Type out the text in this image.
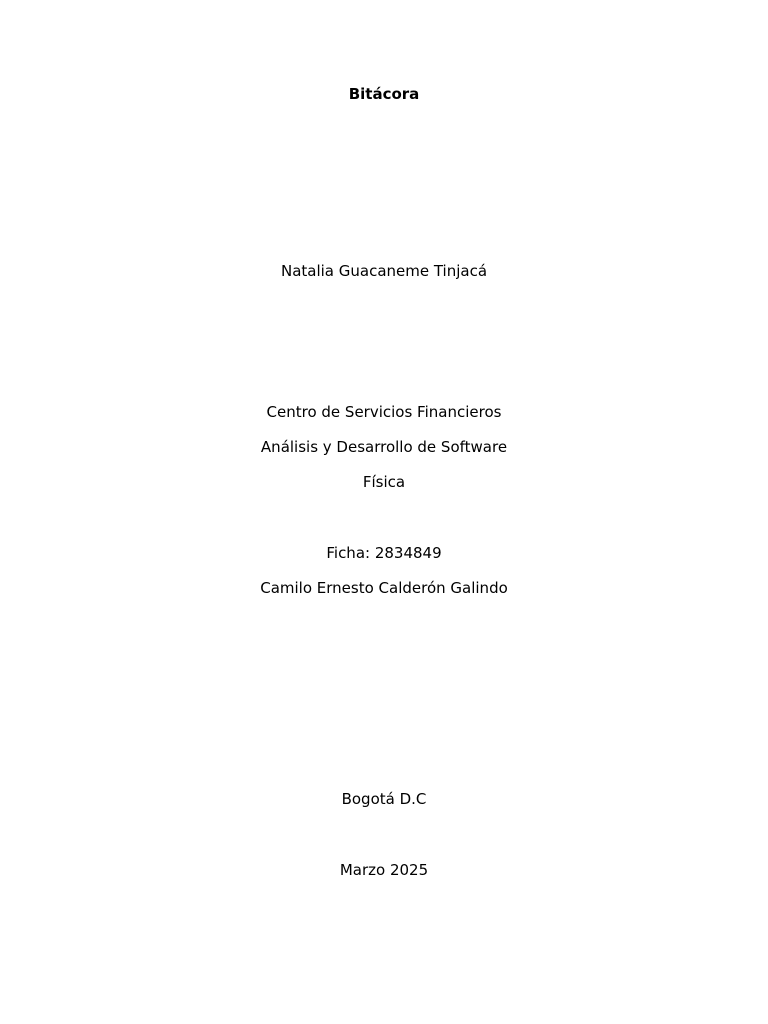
Bitácora
Natalia Guacaneme Tinjacá
Centro de Servicios Financieros
Análisis y Desarrollo de Software
Física
Ficha: 2834849
Camilo Ernesto Calderón Galindo
Bogotá D.C
Marzo 2025
